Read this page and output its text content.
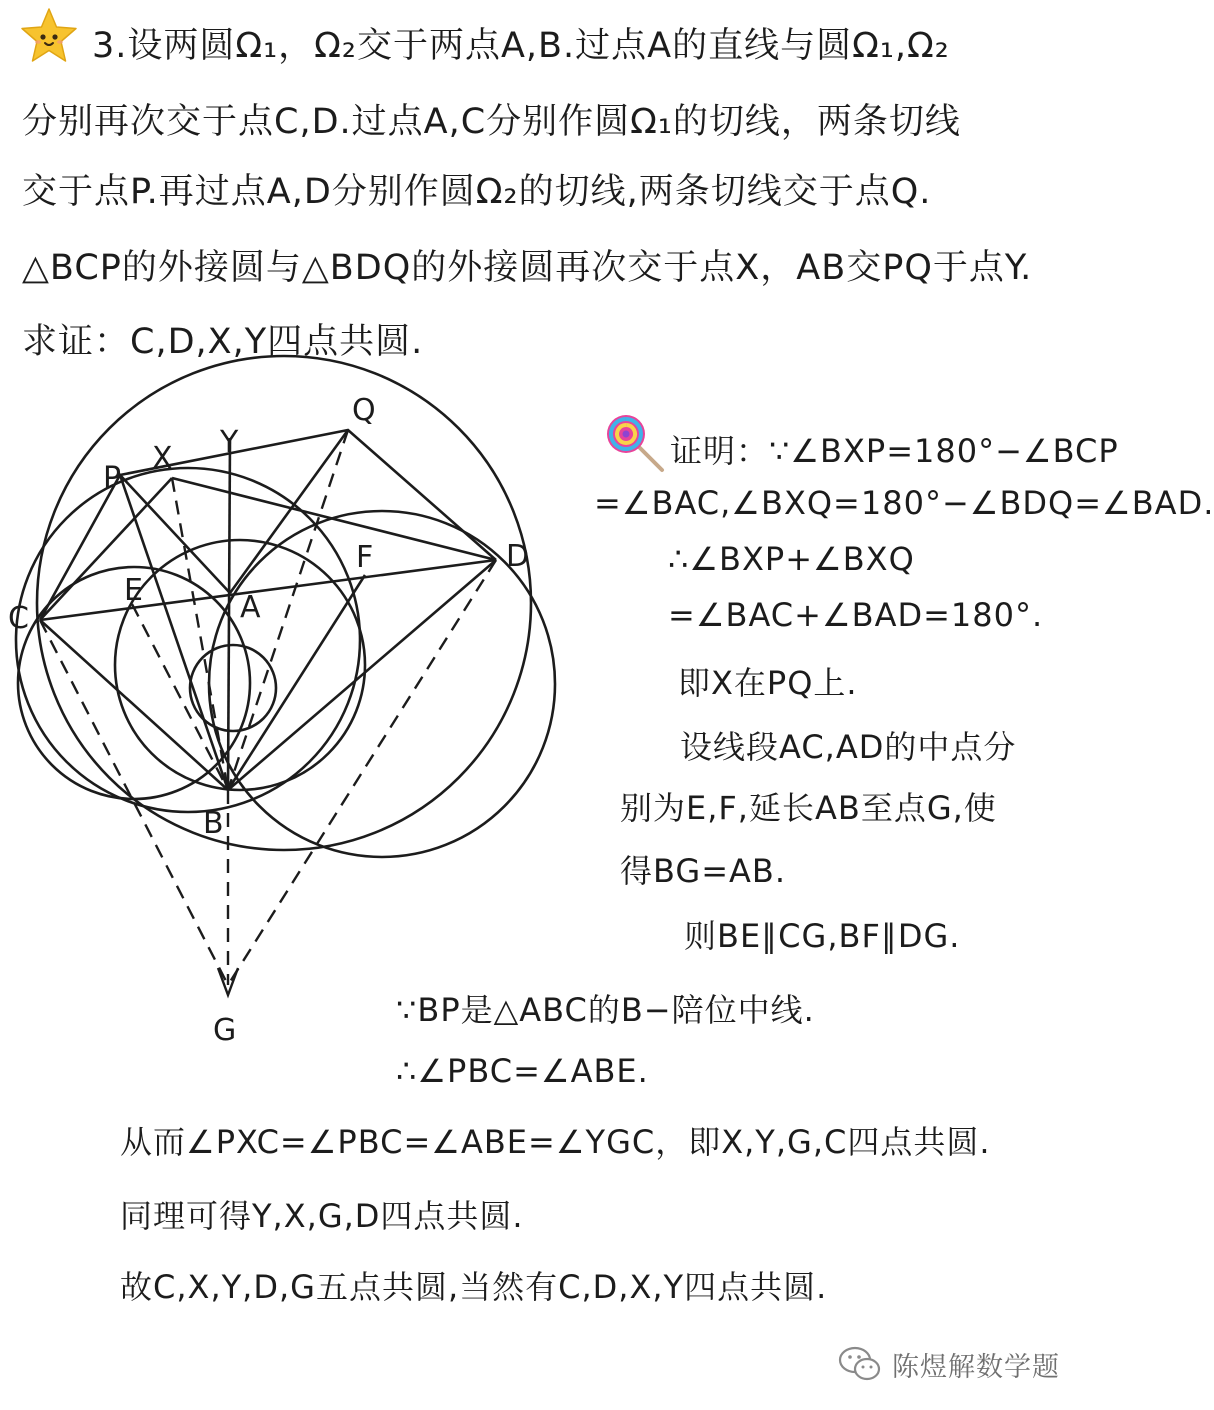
3.设两圆Ω₁，Ω₂交于两点A,B.过点A的直线与圆Ω₁,Ω₂
分别再次交于点C,D.过点A,C分别作圆Ω₁的切线，两条切线
交于点P.再过点A,D分别作圆Ω₂的切线,两条切线交于点Q.
△BCP的外接圆与△BDQ的外接圆再次交于点X，AB交PQ于点Y.
求证：C,D,X,Y四点共圆.
P
X Y
Q
C
E	A
F	D
B
G
证明：∵∠BXP=180°−∠BCP
=∠BAC,∠BXQ=180°−∠BDQ=∠BAD.
∴∠BXP+∠BXQ
=∠BAC+∠BAD=180°.
即X在PQ上.
设线段AC,AD的中点分
别为E,F,延长AB至点G,使
得BG=AB.
则BE∥CG,BF∥DG.
∵BP是△ABC的B−陪位中线.
∴∠PBC=∠ABE.
从而∠PXC=∠PBC=∠ABE=∠YGC，即X,Y,G,C四点共圆.
同理可得Y,X,G,D四点共圆.
故C,X,Y,D,G五点共圆,当然有C,D,X,Y四点共圆.
陈煜解数学题
